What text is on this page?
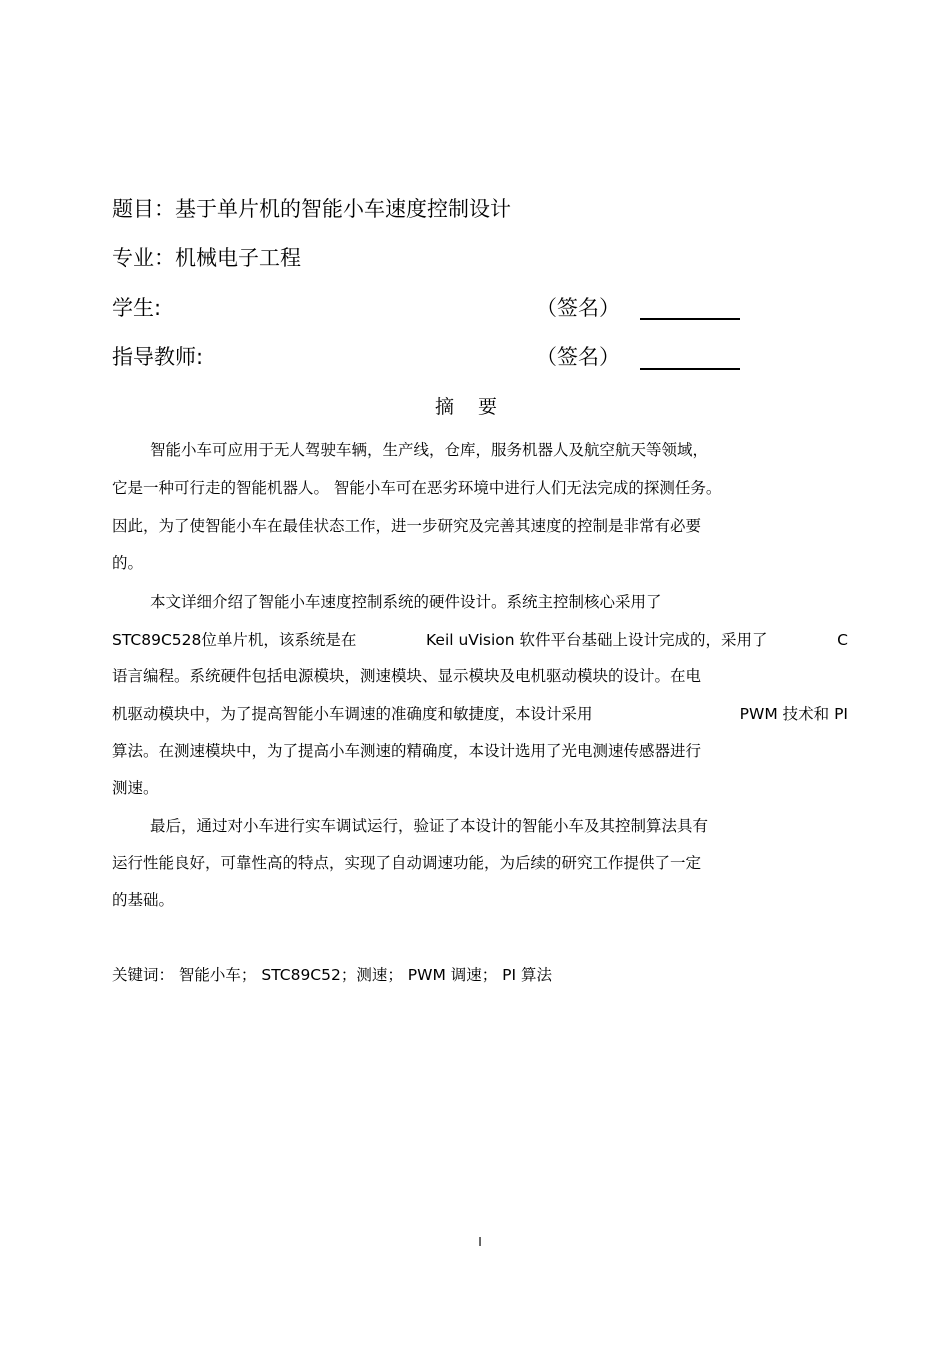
题目：基于单片机的智能小车速度控制设计
专业：机械电子工程
学生:	（签名）
指导教师:	（签名）
摘要
智能小车可应用于无人驾驶车辆，生产线，仓库，服务机器人及航空航天等领域，
它是一种可行走的智能机器人。 智能小车可在恶劣环境中进行人们无法完成的探测任务。
因此，为了使智能小车在最佳状态工作，进一步研究及完善其速度的控制是非常有必要
的。
本文详细介绍了智能小车速度控制系统的硬件设计。系统主控制核心采用了
STC89C528位单片机，该系统是在	Keil uVision 软件平台基础上设计完成的，采用了	C
语言编程。系统硬件包括电源模块，测速模块、显示模块及电机驱动模块的设计。在电
机驱动模块中，为了提高智能小车调速的准确度和敏捷度，本设计采用	PWM 技术和 PI
算法。在测速模块中，为了提高小车测速的精确度，本设计选用了光电测速传感器进行
测速。
最后，通过对小车进行实车调试运行，验证了本设计的智能小车及其控制算法具有
运行性能良好，可靠性高的特点，实现了自动调速功能，为后续的研究工作提供了一定
的基础。
关键词： 智能小车； STC89C52；测速； PWM 调速； PI 算法
I
